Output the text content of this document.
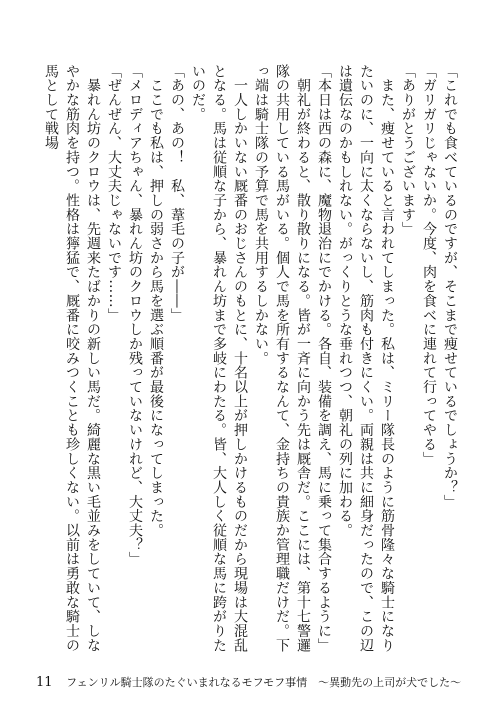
「これでも食べているのですが、そこまで痩せているでしょうか？」

「ガリガリじゃないか。今度、肉を食べに連れて行ってやる」

「ありがとうございます」

　また、痩せていると言われてしまった。私は、ミリー隊長のように筋骨隆々な騎士になりたいのに、一向に太くならないし、筋肉も付きにくい。両親は共に細身だったので、この辺は遺伝なのかもしれない。がっくりとうな垂れつつ、朝礼の列に加わる。

「本日は西の森に、魔物退治にでかける。各自、装備を調え、馬に乗って集合するように」

　朝礼が終わると、散り散りになる。皆が一斉に向かう先は厩舎だ。ここには、第十七警邏隊の共用している馬がいる。個人で馬を所有するなんて、金持ちの貴族か管理職だけだ。下っ端は騎士隊の予算で馬を共用するしかない。

　一人しかいない厩番のおじさんのもとに、十名以上が押しかけるものだから現場は大混乱となる。馬は従順な子から、暴れん坊まで多岐にわたる。皆、大人しく従順な馬に跨がりたいのだ。

「あの、あの！　私、葦毛の子が――」

　ここでも私は、押しの弱さから馬を選ぶ順番が最後になってしまった。

「メロディアちゃん、暴れん坊のクロウしか残っていないけれど、大丈夫？」

「ぜんぜん、大丈夫じゃないです……」

　暴れん坊のクロウは、先週来たばかりの新しい馬だ。綺麗な黒い毛並みをしていて、しなやかな筋肉を持つ。性格は獰猛で、厩番に咬みつくことも珍しくない。以前は勇敢な騎士の馬として戦場

11 フェンリル騎士隊のたぐいまれなるモフモフ事情　～異動先の上司が犬でした～
